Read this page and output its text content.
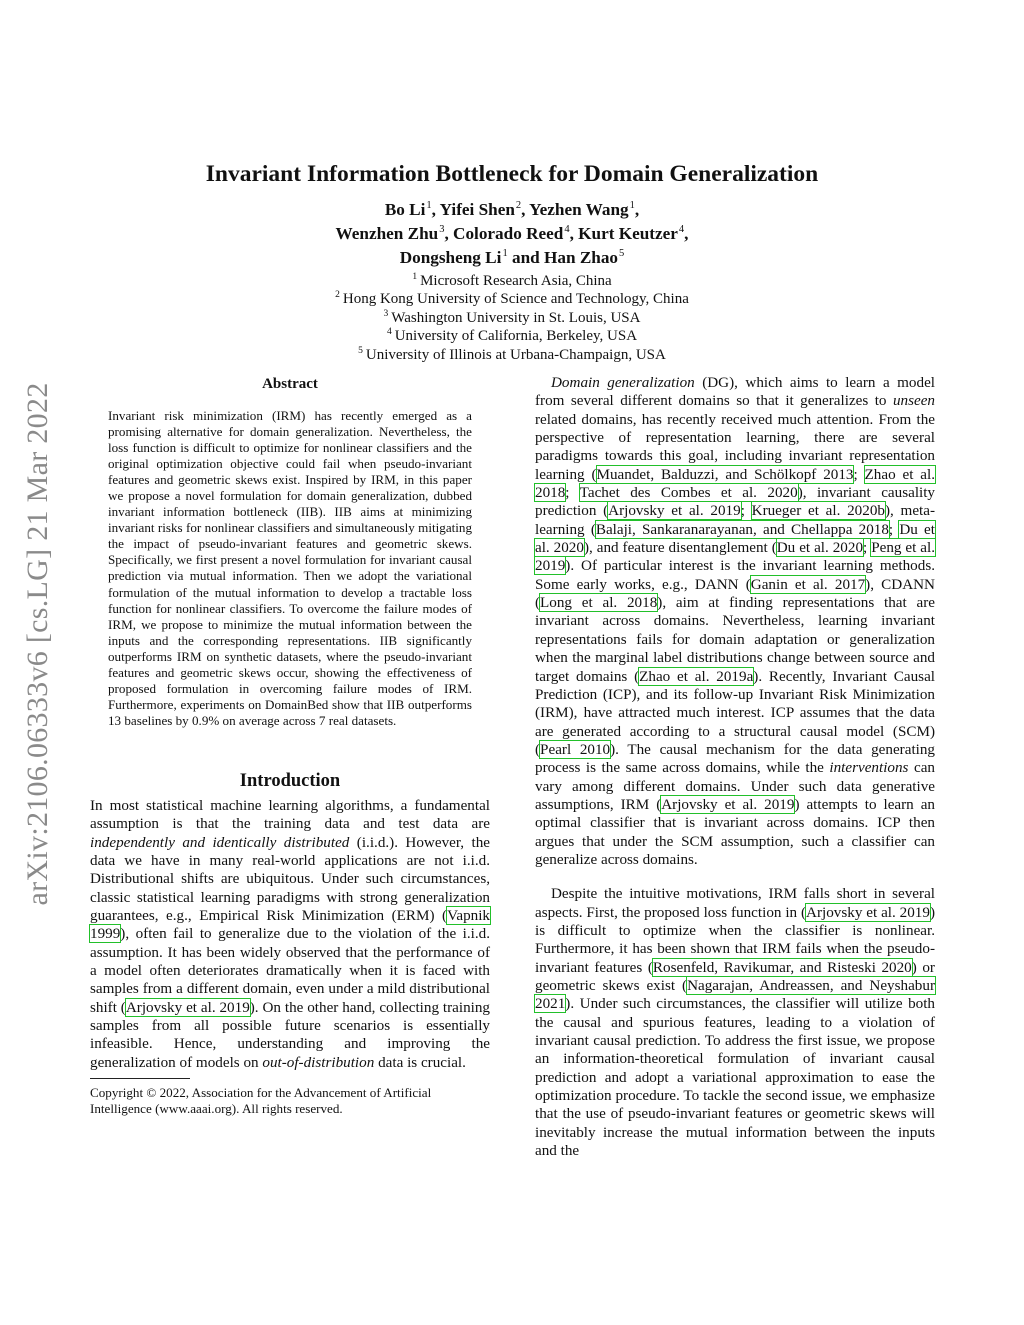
arXiv:2106.06333v6 [cs.LG] 21 Mar 2022
Invariant Information Bottleneck for Domain Generalization
Bo Li$^1$, Yifei Shen$^2$, Yezhen Wang$^1$,
Wenzhen Zhu$^3$, Colorado Reed$^4$, Kurt Keutzer$^4$,
Dongsheng Li$^1$ and Han Zhao$^5$
$^1$ Microsoft Research Asia, China
$^2$ Hong Kong University of Science and Technology, China
$^3$ Washington University in St. Louis, USA
$^4$ University of California, Berkeley, USA
$^5$ University of Illinois at Urbana-Champaign, USA
Abstract

Invariant risk minimization (IRM) has recently emerged as a promising alternative for domain generalization. Nevertheless, the loss function is difficult to optimize for nonlinear classifiers and the original optimization objective could fail when pseudo-invariant features and geometric skews exist. Inspired by IRM, in this paper we propose a novel formulation for domain generalization, dubbed invariant information bottleneck (IIB). IIB aims at minimizing invariant risks for nonlinear classifiers and simultaneously mitigating the impact of pseudo-invariant features and geometric skews. Specifically, we first present a novel formulation for invariant causal prediction via mutual information. Then we adopt the variational formulation of the mutual information to develop a tractable loss function for nonlinear classifiers. To overcome the failure modes of IRM, we propose to minimize the mutual information between the inputs and the corresponding representations. IIB significantly outperforms IRM on synthetic datasets, where the pseudo-invariant features and geometric skews occur, showing the effectiveness of proposed formulation in overcoming failure modes of IRM. Furthermore, experiments on DomainBed show that IIB outperforms 13 baselines by 0.9% on average across 7 real datasets.

Introduction

In most statistical machine learning algorithms, a fundamental assumption is that the training data and test data are independently and identically distributed (i.i.d.). However, the data we have in many real-world applications are not i.i.d. Distributional shifts are ubiquitous. Under such circumstances, classic statistical learning paradigms with strong generalization guarantees, e.g., Empirical Risk Minimization (ERM) (Vapnik 1999), often fail to generalize due to the violation of the i.i.d. assumption. It has been widely observed that the performance of a model often deteriorates dramatically when it is faced with samples from a different domain, even under a mild distributional shift (Arjovsky et al. 2019). On the other hand, collecting training samples from all possible future scenarios is essentially infeasible. Hence, understanding and improving the generalization of models on out-of-distribution data is crucial.

Copyright © 2022, Association for the Advancement of Artificial Intelligence (www.aaai.org). All rights reserved.

Domain generalization (DG), which aims to learn a model from several different domains so that it generalizes to unseen related domains, has recently received much attention. From the perspective of representation learning, there are several paradigms towards this goal, including invariant representation learning (Muandet, Balduzzi, and Schölkopf 2013; Zhao et al. 2018; Tachet des Combes et al. 2020), invariant causality prediction (Arjovsky et al. 2019; Krueger et al. 2020b), meta-learning (Balaji, Sankaranarayanan, and Chellappa 2018; Du et al. 2020), and feature disentanglement (Du et al. 2020; Peng et al. 2019). Of particular interest is the invariant learning methods. Some early works, e.g., DANN (Ganin et al. 2017), CDANN (Long et al. 2018), aim at finding representations that are invariant across domains. Nevertheless, learning invariant representations fails for domain adaptation or generalization when the marginal label distributions change between source and target domains (Zhao et al. 2019a). Recently, Invariant Causal Prediction (ICP), and its follow-up Invariant Risk Minimization (IRM), have attracted much interest. ICP assumes that the data are generated according to a structural causal model (SCM) (Pearl 2010). The causal mechanism for the data generating process is the same across domains, while the interventions can vary among different domains. Under such data generative assumptions, IRM (Arjovsky et al. 2019) attempts to learn an optimal classifier that is invariant across domains. ICP then argues that under the SCM assumption, such a classifier can generalize across domains.

Despite the intuitive motivations, IRM falls short in several aspects. First, the proposed loss function in (Arjovsky et al. 2019) is difficult to optimize when the classifier is nonlinear. Furthermore, it has been shown that IRM fails when the pseudo-invariant features (Rosenfeld, Ravikumar, and Risteski 2020) or geometric skews exist (Nagarajan, Andreassen, and Neyshabur 2021). Under such circumstances, the classifier will utilize both the causal and spurious features, leading to a violation of invariant causal prediction. To address the first issue, we propose an information-theoretical formulation of invariant causal prediction and adopt a variational approximation to ease the optimization procedure. To tackle the second issue, we emphasize that the use of pseudo-invariant features or geometric skews will inevitably increase the mutual information between the inputs and the
